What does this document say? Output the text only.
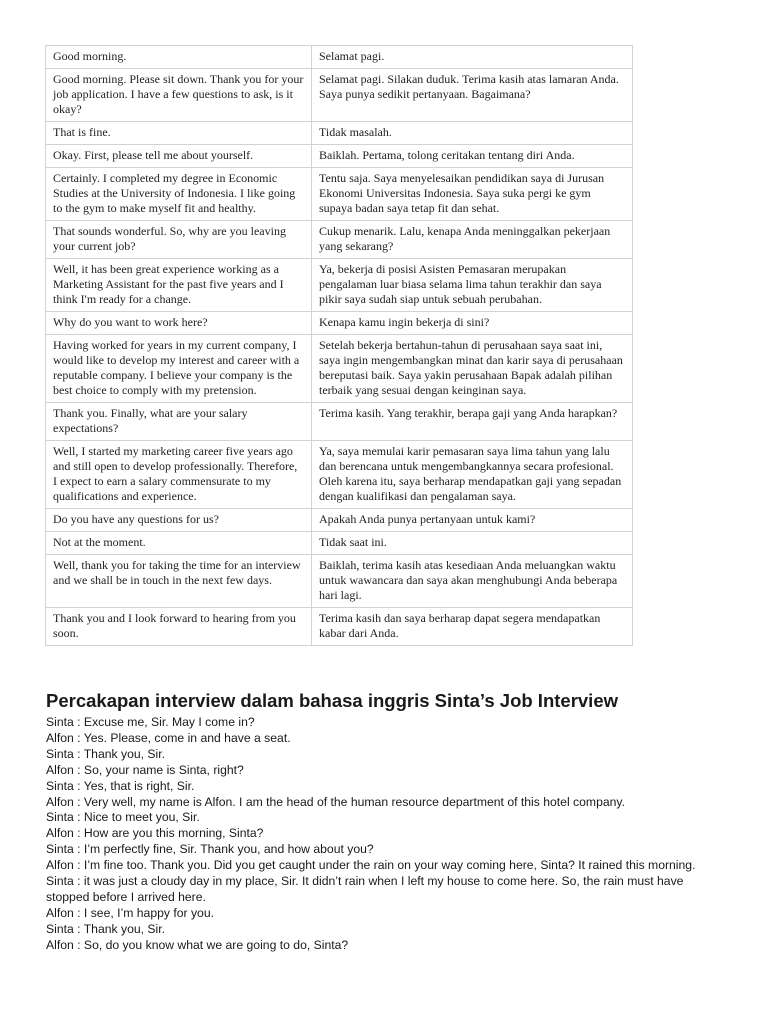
Good morning.	Selamat pagi.
Good morning. Please sit down. Thank you for your job application. I have a few questions to ask, is it okay?	Selamat pagi. Silakan duduk. Terima kasih atas lamaran Anda. Saya punya sedikit pertanyaan. Bagaimana?
That is fine.	Tidak masalah.
Okay. First, please tell me about yourself.	Baiklah. Pertama, tolong ceritakan tentang diri Anda.
Certainly. I completed my degree in Economic Studies at the University of Indonesia. I like going to the gym to make myself fit and healthy.	Tentu saja. Saya menyelesaikan pendidikan saya di Jurusan Ekonomi Universitas Indonesia. Saya suka pergi ke gym supaya badan saya tetap fit dan sehat.
That sounds wonderful. So, why are you leaving your current job?	Cukup menarik. Lalu, kenapa Anda meninggalkan pekerjaan yang sekarang?
Well, it has been great experience working as a Marketing Assistant for the past five years and I think I'm ready for a change.	Ya, bekerja di posisi Asisten Pemasaran merupakan pengalaman luar biasa selama lima tahun terakhir dan saya pikir saya sudah siap untuk sebuah perubahan.
Why do you want to work here?	Kenapa kamu ingin bekerja di sini?
Having worked for years in my current company, I would like to develop my interest and career with a reputable company. I believe your company is the best choice to comply with my pretension.	Setelah bekerja bertahun-tahun di perusahaan saya saat ini, saya ingin mengembangkan minat dan karir saya di perusahaan bereputasi baik. Saya yakin perusahaan Bapak adalah pilihan terbaik yang sesuai dengan keinginan saya.
Thank you. Finally, what are your salary expectations?	Terima kasih. Yang terakhir, berapa gaji yang Anda harapkan?
Well, I started my marketing career five years ago and still open to develop professionally. Therefore, I expect to earn a salary commensurate to my qualifications and experience.	Ya, saya memulai karir pemasaran saya lima tahun yang lalu dan berencana untuk mengembangkannya secara profesional. Oleh karena itu, saya berharap mendapatkan gaji yang sepadan dengan kualifikasi dan pengalaman saya.
Do you have any questions for us?	Apakah Anda punya pertanyaan untuk kami?
Not at the moment.	Tidak saat ini.
Well, thank you for taking the time for an interview and we shall be in touch in the next few days.	Baiklah, terima kasih atas kesediaan Anda meluangkan waktu untuk wawancara dan saya akan menghubungi Anda beberapa hari lagi.
Thank you and I look forward to hearing from you soon.	Terima kasih dan saya berharap dapat segera mendapatkan kabar dari Anda.
Percakapan interview dalam bahasa inggris Sinta’s Job Interview
Sinta : Excuse me, Sir. May I come in?
Alfon : Yes. Please, come in and have a seat.
Sinta : Thank you, Sir.
Alfon : So, your name is Sinta, right?
Sinta : Yes, that is right, Sir.
Alfon : Very well, my name is Alfon. I am the head of the human resource department of this hotel company.
Sinta : Nice to meet you, Sir.
Alfon : How are you this morning, Sinta?
Sinta : I’m perfectly fine, Sir. Thank you, and how about you?
Alfon : I’m fine too. Thank you. Did you get caught under the rain on your way coming here, Sinta? It rained this morning.
Sinta : it was just a cloudy day in my place, Sir. It didn’t rain when I left my house to come here. So, the rain must have stopped before I arrived here.
Alfon : I see, I’m happy for you.
Sinta : Thank you, Sir.
Alfon : So, do you know what we are going to do, Sinta?
